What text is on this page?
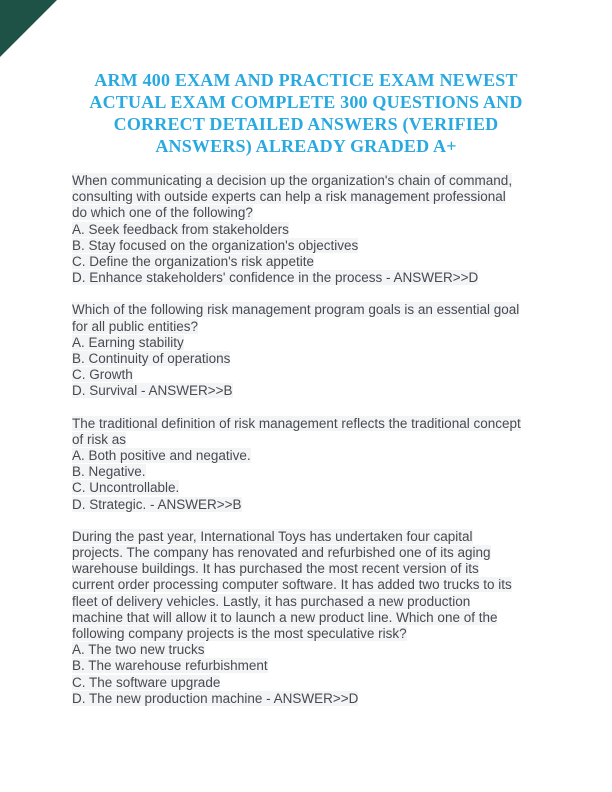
ARM 400 EXAM AND PRACTICE EXAM NEWEST
ACTUAL EXAM COMPLETE 300 QUESTIONS AND
CORRECT DETAILED ANSWERS (VERIFIED
ANSWERS) ALREADY GRADED A+
When communicating a decision up the organization's chain of command,
consulting with outside experts can help a risk management professional
do which one of the following?
A. Seek feedback from stakeholders
B. Stay focused on the organization's objectives
C. Define the organization's risk appetite
D. Enhance stakeholders' confidence in the process - ANSWER>>D
Which of the following risk management program goals is an essential goal
for all public entities?
A. Earning stability
B. Continuity of operations
C. Growth
D. Survival - ANSWER>>B
The traditional definition of risk management reflects the traditional concept
of risk as
A. Both positive and negative.
B. Negative.
C. Uncontrollable.
D. Strategic. - ANSWER>>B
During the past year, International Toys has undertaken four capital
projects. The company has renovated and refurbished one of its aging
warehouse buildings. It has purchased the most recent version of its
current order processing computer software. It has added two trucks to its
fleet of delivery vehicles. Lastly, it has purchased a new production
machine that will allow it to launch a new product line. Which one of the
following company projects is the most speculative risk?
A. The two new trucks
B. The warehouse refurbishment
C. The software upgrade
D. The new production machine - ANSWER>>D
